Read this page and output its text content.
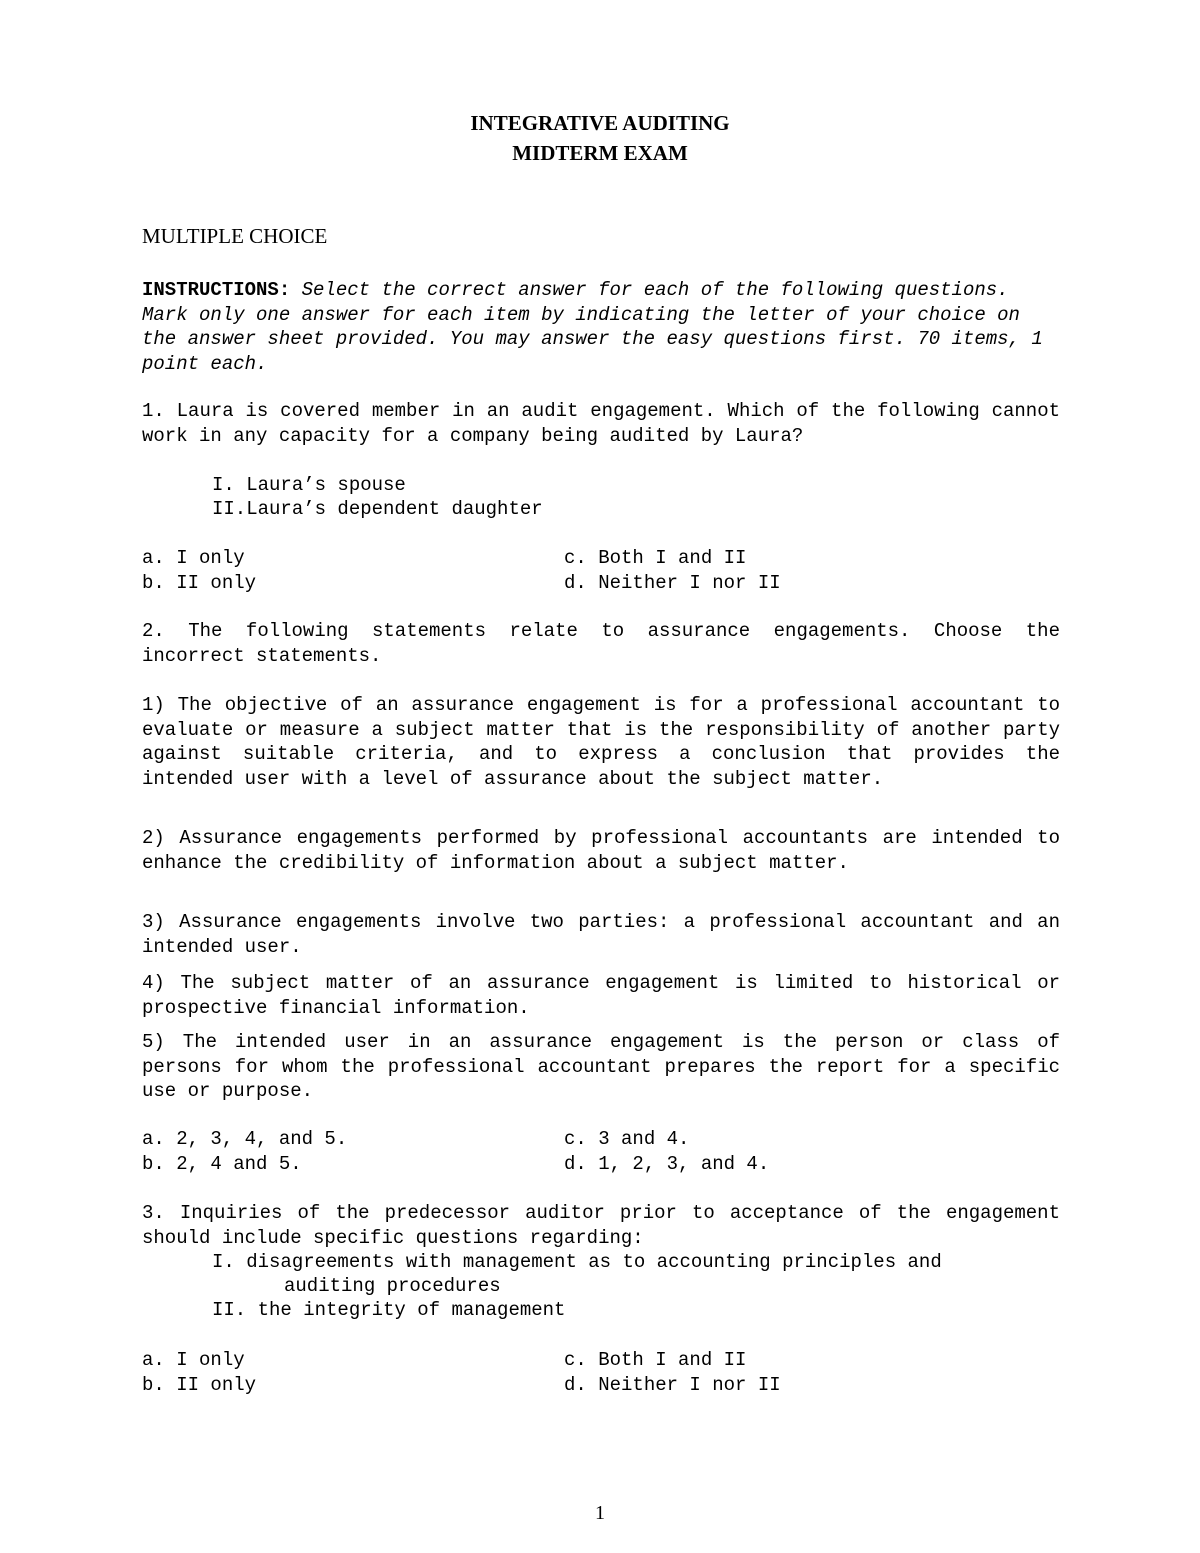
INTEGRATIVE AUDITING
MIDTERM EXAM
MULTIPLE CHOICE
INSTRUCTIONS: Select the correct answer for each of the following questions. Mark only one answer for each item by indicating the letter of your choice on the answer sheet provided. You may answer the easy questions first. 70 items, 1 point each.
1. Laura is covered member in an audit engagement. Which of the following cannot work in any capacity for a company being audited by Laura?
I. Laura’s spouse
II.Laura’s dependent daughter
a. I only	c. Both I and II
b. II only	d. Neither I nor II
2. The following statements relate to assurance engagements. Choose the incorrect statements.
1) The objective of an assurance engagement is for a professional accountant to evaluate or measure a subject matter that is the responsibility of another party against suitable criteria, and to express a conclusion that provides the intended user with a level of assurance about the subject matter.
2) Assurance engagements performed by professional accountants are intended to enhance the credibility of information about a subject matter.
3) Assurance engagements involve two parties: a professional accountant and an intended user.
4) The subject matter of an assurance engagement is limited to historical or prospective financial information.
5) The intended user in an assurance engagement is the person or class of persons for whom the professional accountant prepares the report for a specific use or purpose.
a. 2, 3, 4, and 5.	c. 3 and 4.
b. 2, 4 and 5.	d. 1, 2, 3, and 4.
3. Inquiries of the predecessor auditor prior to acceptance of the engagement should include specific questions regarding:
I. disagreements with management as to accounting principles and
auditing procedures
II. the integrity of management
a. I only	c. Both I and II
b. II only	d. Neither I nor II
1
